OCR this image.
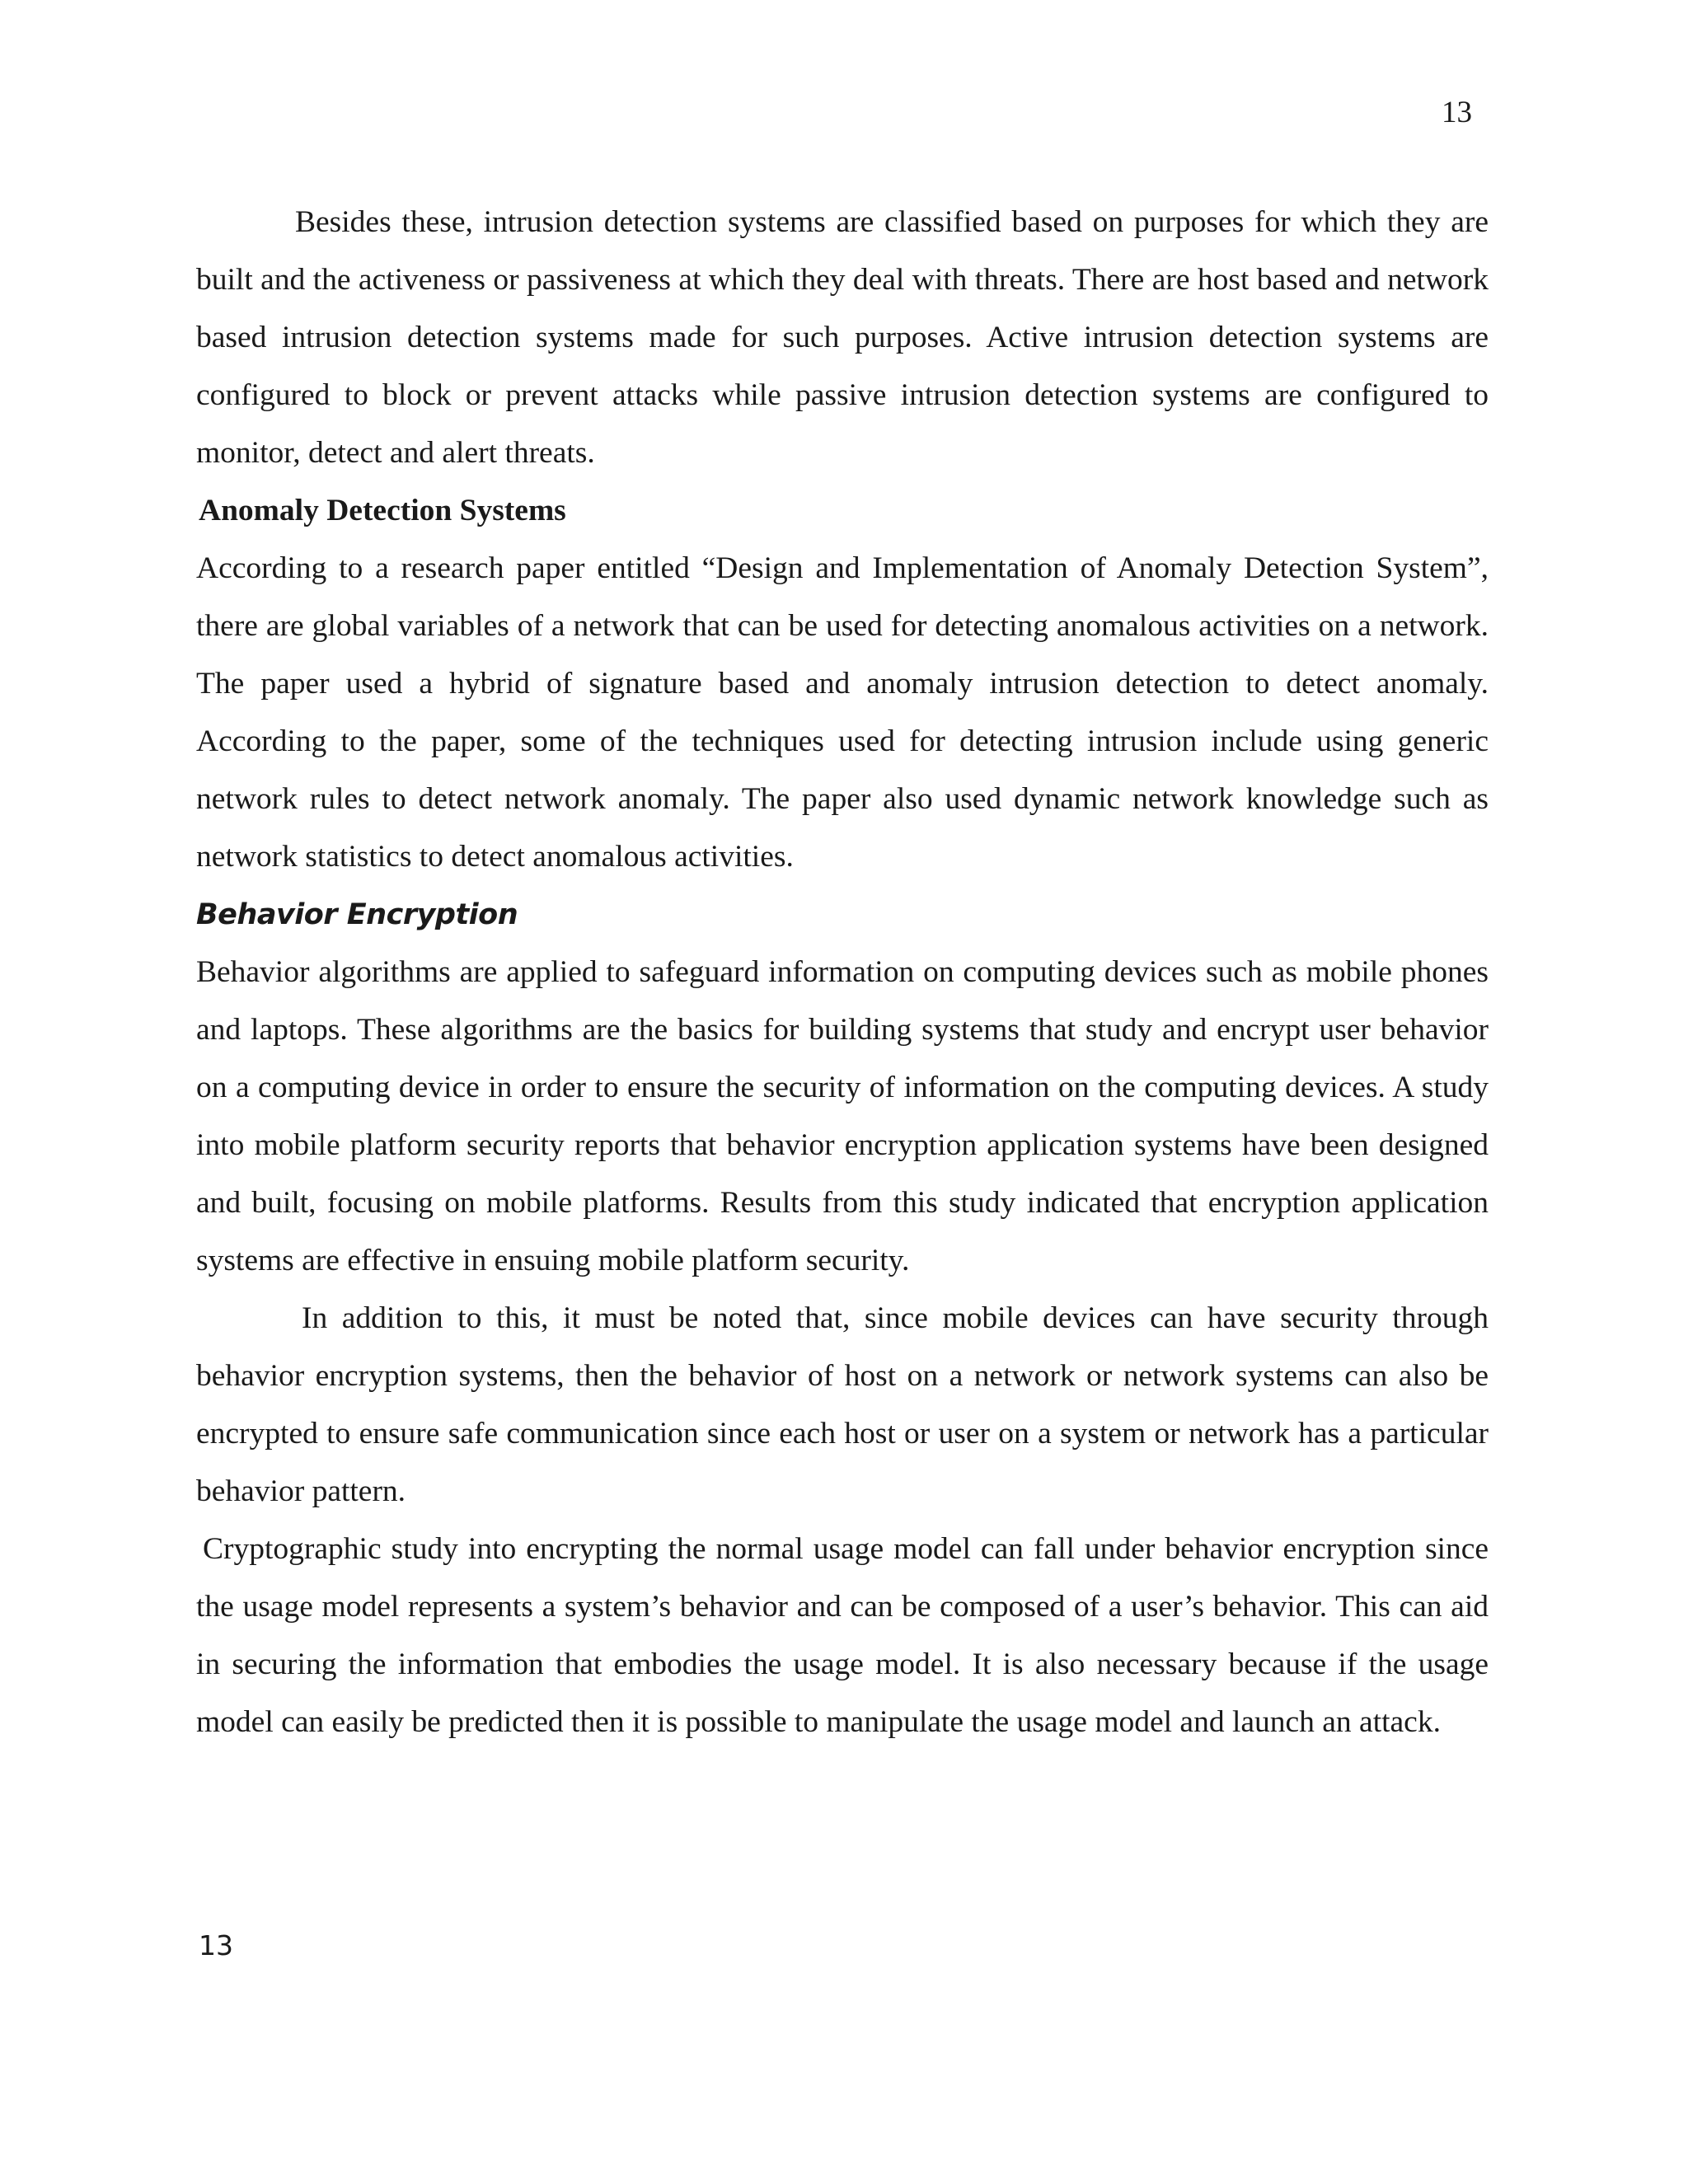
13

Besides these, intrusion detection systems are classified based on purposes for which they are built and the activeness or passiveness at which they deal with threats. There are host based and network based intrusion detection systems made for such purposes. Active intrusion detection systems are configured to block or prevent attacks while passive intrusion detection systems are configured to monitor, detect and alert threats.

Anomaly Detection Systems

According to a research paper entitled “Design and Implementation of Anomaly Detection System”, there are global variables of a network that can be used for detecting anomalous activities on a network. The paper used a hybrid of signature based and anomaly intrusion detection to detect anomaly. According to the paper, some of the techniques used for detecting intrusion include using generic network rules to detect network anomaly. The paper also used dynamic network knowledge such as network statistics to detect anomalous activities.

Behavior Encryption

Behavior algorithms are applied to safeguard information on computing devices such as mobile phones and laptops. These algorithms are the basics for building systems that study and encrypt user behavior on a computing device in order to ensure the security of information on the computing devices. A study into mobile platform security reports that behavior encryption application systems have been designed and built, focusing on mobile platforms. Results from this study indicated that encryption application systems are effective in ensuing mobile platform security.

In addition to this, it must be noted that, since mobile devices can have security through behavior encryption systems, then the behavior of host on a network or network systems can also be encrypted to ensure safe communication since each host or user on a system or network has a particular behavior pattern.

Cryptographic study into encrypting the normal usage model can fall under behavior encryption since the usage model represents a system’s behavior and can be composed of a user’s behavior. This can aid in securing the information that embodies the usage model. It is also necessary because if the usage model can easily be predicted then it is possible to manipulate the usage model and launch an attack.

13
